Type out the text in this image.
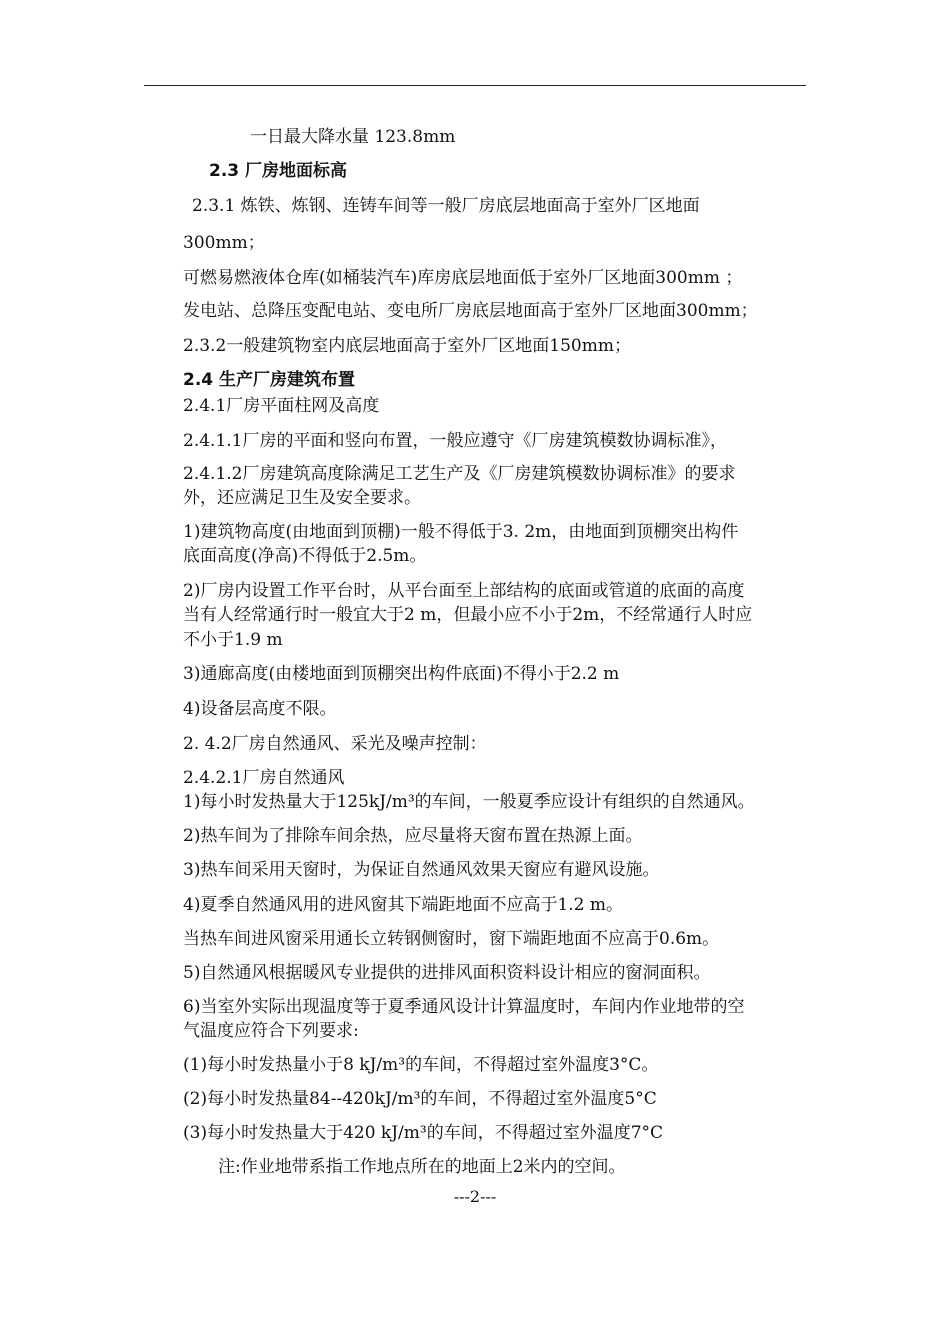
一日最大降水量 123.8mm
2.3 厂房地面标高
2.3.1 炼铁、炼钢、连铸车间等一般厂房底层地面高于室外厂区地面
300mm；
可燃易燃液体仓库(如桶装汽车)库房底层地面低于室外厂区地面300mm ；
发电站、总降压变配电站、变电所厂房底层地面高于室外厂区地面300mm；
2.3.2一般建筑物室内底层地面高于室外厂区地面150mm；
2.4 生产厂房建筑布置
2.4.1厂房平面柱网及高度
2.4.1.1厂房的平面和竖向布置，一般应遵守《厂房建筑模数协调标准》，
2.4.1.2厂房建筑高度除满足工艺生产及《厂房建筑模数协调标准》的要求
外，还应满足卫生及安全要求。
1)建筑物高度(由地面到顶棚)一般不得低于3. 2m，由地面到顶棚突出构件
底面高度(净高)不得低于2.5m。
2)厂房内设置工作平台时，从平台面至上部结构的底面或管道的底面的高度
当有人经常通行时一般宜大于2 m，但最小应不小于2m，不经常通行人时应
不小于1.9 m
3)通廊高度(由楼地面到顶棚突出构件底面)不得小于2.2 m
4)设备层高度不限。
2. 4.2厂房自然通风、采光及噪声控制：
2.4.2.1厂房自然通风
1)每小时发热量大于125kJ/m³的车间，一般夏季应设计有组织的自然通风。
2)热车间为了排除车间余热，应尽量将天窗布置在热源上面。
3)热车间采用天窗时，为保证自然通风效果天窗应有避风设施。
4)夏季自然通风用的进风窗其下端距地面不应高于1.2 m。
当热车间进风窗采用通长立转钢侧窗时，窗下端距地面不应高于0.6m。
5)自然通风根据暖风专业提供的进排风面积资料设计相应的窗洞面积。
6)当室外实际出现温度等于夏季通风设计计算温度时，车间内作业地带的空
气温度应符合下列要求:
(1)每小时发热量小于8 kJ/m³的车间，不得超过室外温度3°C。
(2)每小时发热量84--420kJ/m³的车间，不得超过室外温度5°C
(3)每小时发热量大于420 kJ/m³的车间，不得超过室外温度7°C
注:作业地带系指工作地点所在的地面上2米内的空间。
---2---
